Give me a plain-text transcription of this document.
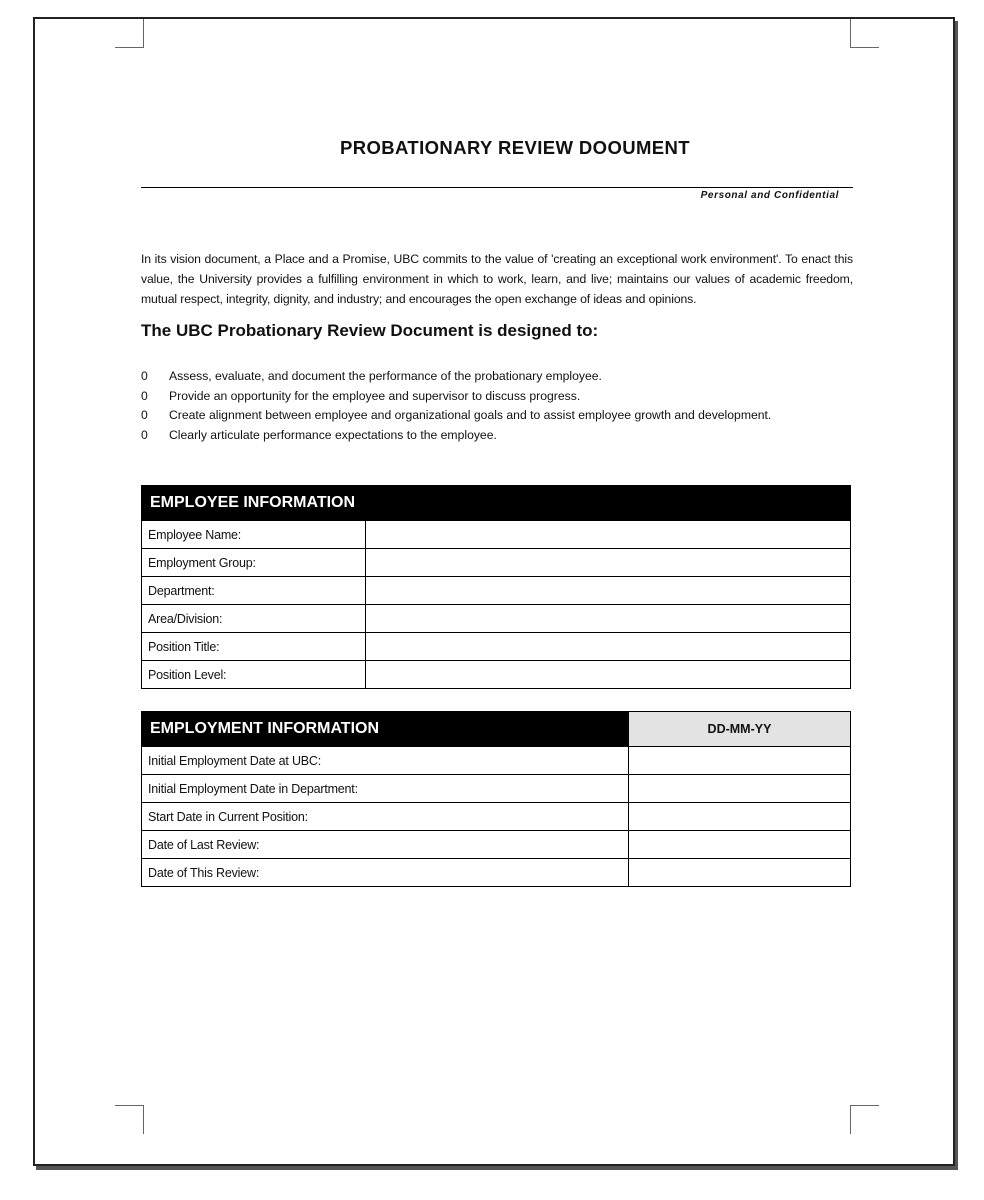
PROBATIONARY REVIEW DOOUMENT
Personal and Confidential

In its vision document, a Place and a Promise, UBC commits to the value of 'creating an exceptional work environment'. To enact this value, the University provides a fulfilling environment in which to work, learn, and live; maintains our values of academic freedom, mutual respect, integrity, dignity, and industry; and encourages the open exchange of ideas and opinions.

The UBC Probationary Review Document is designed to:
0 Assess, evaluate, and document the performance of the probationary employee.
0 Provide an opportunity for the employee and supervisor to discuss progress.
0 Create alignment between employee and organizational goals and to assist employee growth and development.
0 Clearly articulate performance expectations to the employee.
EMPLOYEE INFORMATION	
Employee Name:	
Employment Group:	
Department:	
Area/Division:	
Position Title:	
Position Level:	
EMPLOYMENT INFORMATION	DD-MM-YY
Initial Employment Date at UBC:	
Initial Employment Date in Department:	
Start Date in Current Position:	
Date of Last Review:	
Date of This Review:	
